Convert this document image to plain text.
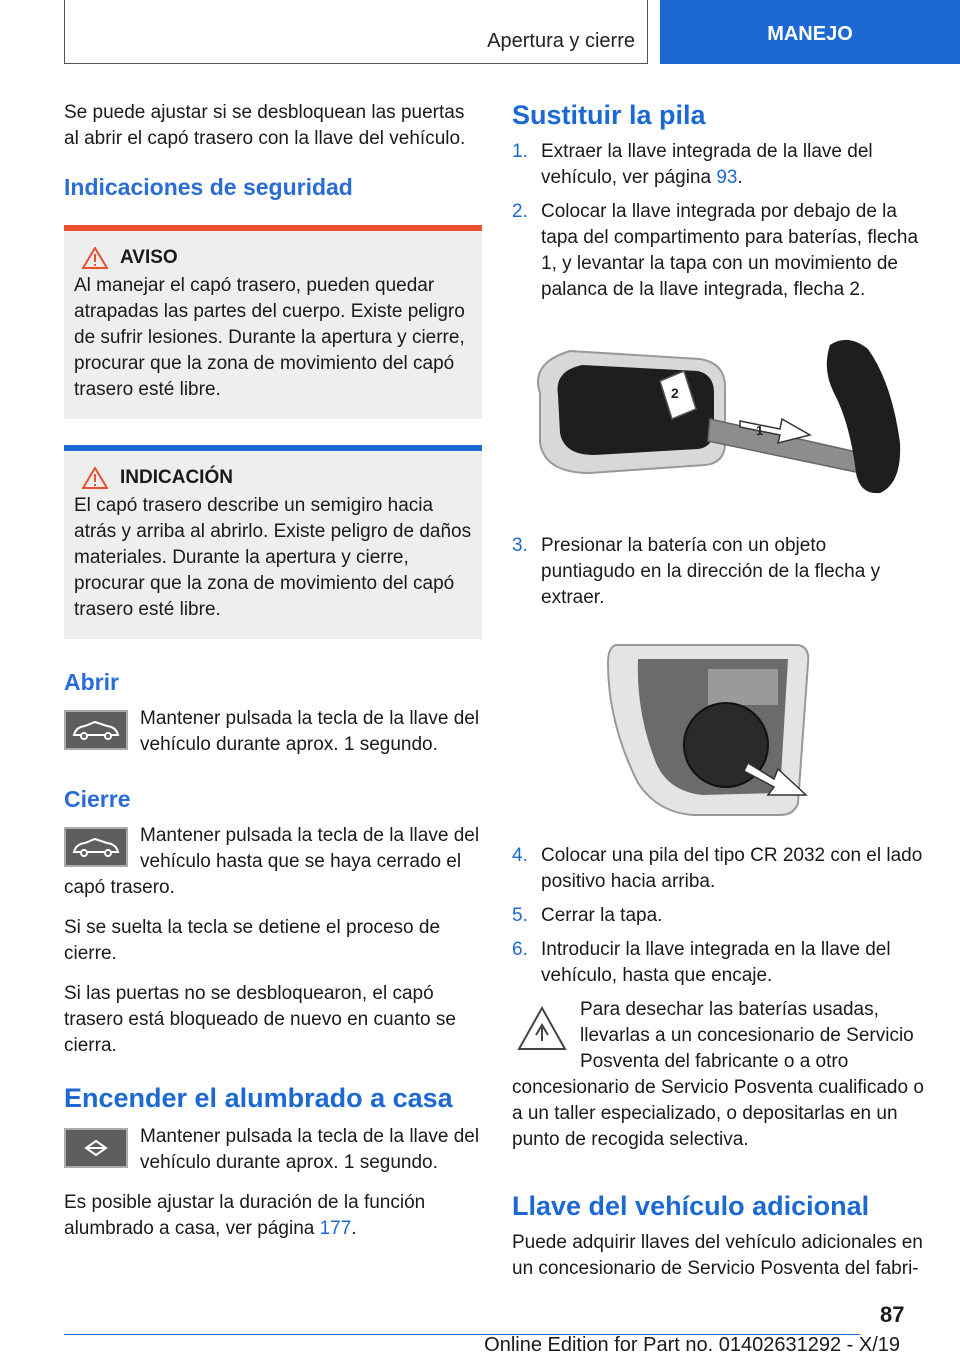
Apertura y cierre	MANEJO

Se puede ajustar si se desbloquean las puertas al abrir el capó trasero con la llave del vehículo.

Indicaciones de seguridad
AVISO

Al manejar el capó trasero, pueden quedar atrapadas las partes del cuerpo. Existe peligro de sufrir lesiones. Durante la apertura y cierre, procurar que la zona de movimiento del capó trasero esté libre.

INDICACIÓN

El capó trasero describe un semigiro hacia atrás y arriba al abrirlo. Existe peligro de daños materiales. Durante la apertura y cierre, procurar que la zona de movimiento del capó trasero esté libre.

Abrir

Mantener pulsada la tecla de la llave del vehículo durante aprox. 1 segundo.

Cierre

Mantener pulsada la tecla de la llave del vehículo hasta que se haya cerrado el capó trasero.

Si se suelta la tecla se detiene el proceso de cierre.

Si las puertas no se desbloquearon, el capó trasero está bloqueado de nuevo en cuanto se cierra.

Encender el alumbrado a casa

Mantener pulsada la tecla de la llave del vehículo durante aprox. 1 segundo.

Es posible ajustar la duración de la función alumbrado a casa, ver página 177.

Sustituir la pila
1. Extraer la llave integrada de la llave del vehículo, ver página 93.
2. Colocar la llave integrada por debajo de la tapa del compartimento para baterías, flecha 1, y levantar la tapa con un movimiento de palanca de la llave integrada, flecha 2.
2
1
3. Presionar la batería con un objeto puntiagudo en la dirección de la flecha y extraer.
4. Colocar una pila del tipo CR 2032 con el lado positivo hacia arriba.
5. Cerrar la tapa.
6. Introducir la llave integrada en la llave del vehículo, hasta que encaje.

Para desechar las baterías usadas, llevarlas a un concesionario de Servicio Posventa del fabricante o a otro concesionario de Servicio Posventa cualificado o a un taller especializado, o depositarlas en un punto de recogida selectiva.

Llave del vehículo adicional

Puede adquirir llaves del vehículo adicionales en un concesionario de Servicio Posventa del fabri-

87
Online Edition for Part no. 01402631292 - X/19
